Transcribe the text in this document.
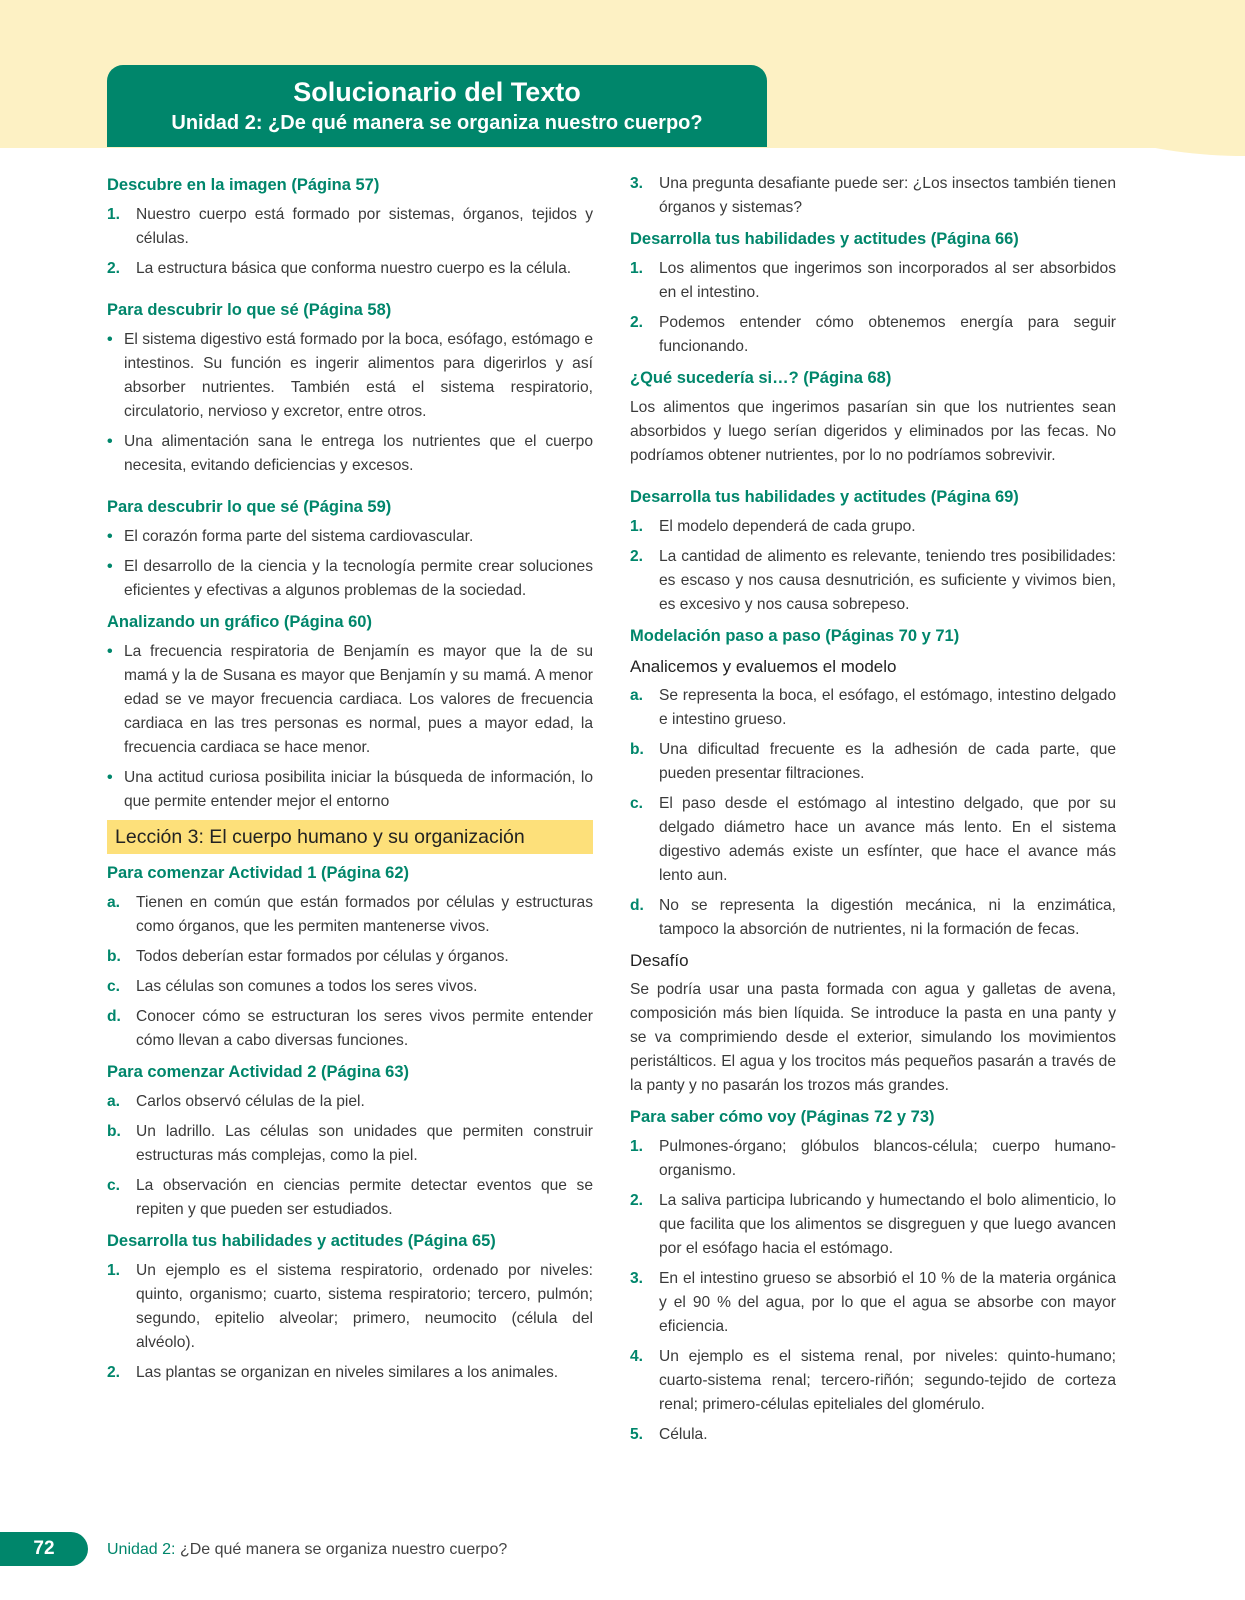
Solucionario del Texto
Unidad 2: ¿De qué manera se organiza nuestro cuerpo?
Descubre en la imagen (Página 57)
1. Nuestro cuerpo está formado por sistemas, órganos, tejidos y células.
2. La estructura básica que conforma nuestro cuerpo es la célula.
Para descubrir lo que sé (Página 58)
• El sistema digestivo está formado por la boca, esófago, estómago e intestinos. Su función es ingerir alimentos para digerirlos y así absorber nutrientes. También está el sistema respiratorio, circulatorio, nervioso y excretor, entre otros.
• Una alimentación sana le entrega los nutrientes que el cuerpo necesita, evitando deficiencias y excesos.
Para descubrir lo que sé (Página 59)
• El corazón forma parte del sistema cardiovascular.
• El desarrollo de la ciencia y la tecnología permite crear soluciones eficientes y efectivas a algunos problemas de la sociedad.
Analizando un gráfico (Página 60)
• La frecuencia respiratoria de Benjamín es mayor que la de su mamá y la de Susana es mayor que Benjamín y su mamá. A menor edad se ve mayor frecuencia cardiaca. Los valores de frecuencia cardiaca en las tres personas es normal, pues a mayor edad, la frecuencia cardiaca se hace menor.
• Una actitud curiosa posibilita iniciar la búsqueda de información, lo que permite entender mejor el entorno
Lección 3: El cuerpo humano y su organización
Para comenzar Actividad 1 (Página 62)
a. Tienen en común que están formados por células y estructuras como órganos, que les permiten mantenerse vivos.
b. Todos deberían estar formados por células y órganos.
c. Las células son comunes a todos los seres vivos.
d. Conocer cómo se estructuran los seres vivos permite entender cómo llevan a cabo diversas funciones.
Para comenzar Actividad 2 (Página 63)
a. Carlos observó células de la piel.
b. Un ladrillo. Las células son unidades que permiten construir estructuras más complejas, como la piel.
c. La observación en ciencias permite detectar eventos que se repiten y que pueden ser estudiados.
Desarrolla tus habilidades y actitudes (Página 65)
1. Un ejemplo es el sistema respiratorio, ordenado por niveles: quinto, organismo; cuarto, sistema respiratorio; tercero, pulmón; segundo, epitelio alveolar; primero, neumocito (célula del alvéolo).
2. Las plantas se organizan en niveles similares a los animales.
3. Una pregunta desafiante puede ser: ¿Los insectos también tienen órganos y sistemas?
Desarrolla tus habilidades y actitudes (Página 66)
1. Los alimentos que ingerimos son incorporados al ser absorbidos en el intestino.
2. Podemos entender cómo obtenemos energía para seguir funcionando.
¿Qué sucedería si…? (Página 68)
Los alimentos que ingerimos pasarían sin que los nutrientes sean absorbidos y luego serían digeridos y eliminados por las fecas. No podríamos obtener nutrientes, por lo no podríamos sobrevivir.
Desarrolla tus habilidades y actitudes (Página 69)
1. El modelo dependerá de cada grupo.
2. La cantidad de alimento es relevante, teniendo tres posibilidades: es escaso y nos causa desnutrición, es suficiente y vivimos bien, es excesivo y nos causa sobrepeso.
Modelación paso a paso (Páginas 70 y 71)
Analicemos y evaluemos el modelo
a. Se representa la boca, el esófago, el estómago, intestino delgado e intestino grueso.
b. Una dificultad frecuente es la adhesión de cada parte, que pueden presentar filtraciones.
c. El paso desde el estómago al intestino delgado, que por su delgado diámetro hace un avance más lento. En el sistema digestivo además existe un esfínter, que hace el avance más lento aun.
d. No se representa la digestión mecánica, ni la enzimática, tampoco la absorción de nutrientes, ni la formación de fecas.
Desafío
Se podría usar una pasta formada con agua y galletas de avena, composición más bien líquida. Se introduce la pasta en una panty y se va comprimiendo desde el exterior, simulando los movimientos peristálticos. El agua y los trocitos más pequeños pasarán a través de la panty y no pasarán los trozos más grandes.
Para saber cómo voy (Páginas 72 y 73)
1. Pulmones-órgano; glóbulos blancos-célula; cuerpo humano-organismo.
2. La saliva participa lubricando y humectando el bolo alimenticio, lo que facilita que los alimentos se disgreguen y que luego avancen por el esófago hacia el estómago.
3. En el intestino grueso se absorbió el 10 % de la materia orgánica y el 90 % del agua, por lo que el agua se absorbe con mayor eficiencia.
4. Un ejemplo es el sistema renal, por niveles: quinto-humano; cuarto-sistema renal; tercero-riñón; segundo-tejido de corteza renal; primero-células epiteliales del glomérulo.
5. Célula.
72	Unidad 2: ¿De qué manera se organiza nuestro cuerpo?
